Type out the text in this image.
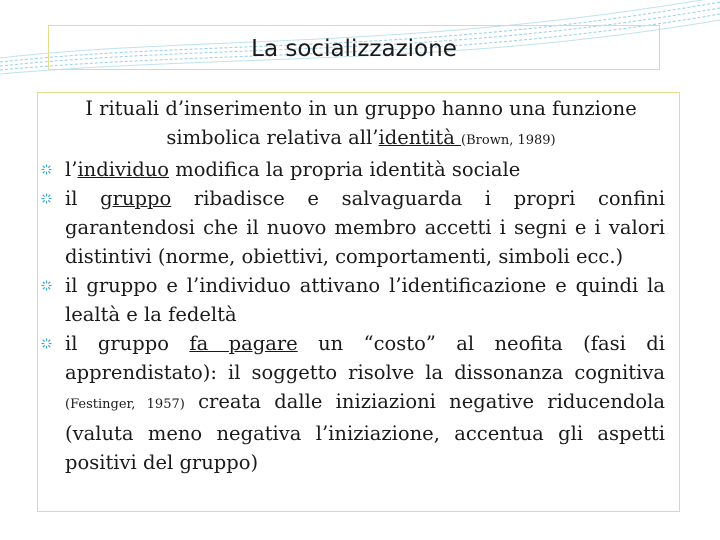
La socializzazione
I rituali d’inserimento in un gruppo hanno una funzione
simbolica relativa all’identità (Brown, 1989)
l’individuo modifica la propria identità sociale
il gruppo ribadisce e salvaguarda i propri confini garantendosi che il nuovo membro accetti i segni e i valori distintivi (norme, obiettivi, comportamenti, simboli ecc.)
il gruppo e l’individuo attivano l’identificazione e quindi la lealtà e la fedeltà
il gruppo fa pagare un “costo” al neofita (fasi di apprendistato): il soggetto risolve la dissonanza cognitiva (Festinger, 1957) creata dalle iniziazioni negative riducendola (valuta meno negativa l’iniziazione, accentua gli aspetti positivi del gruppo)
